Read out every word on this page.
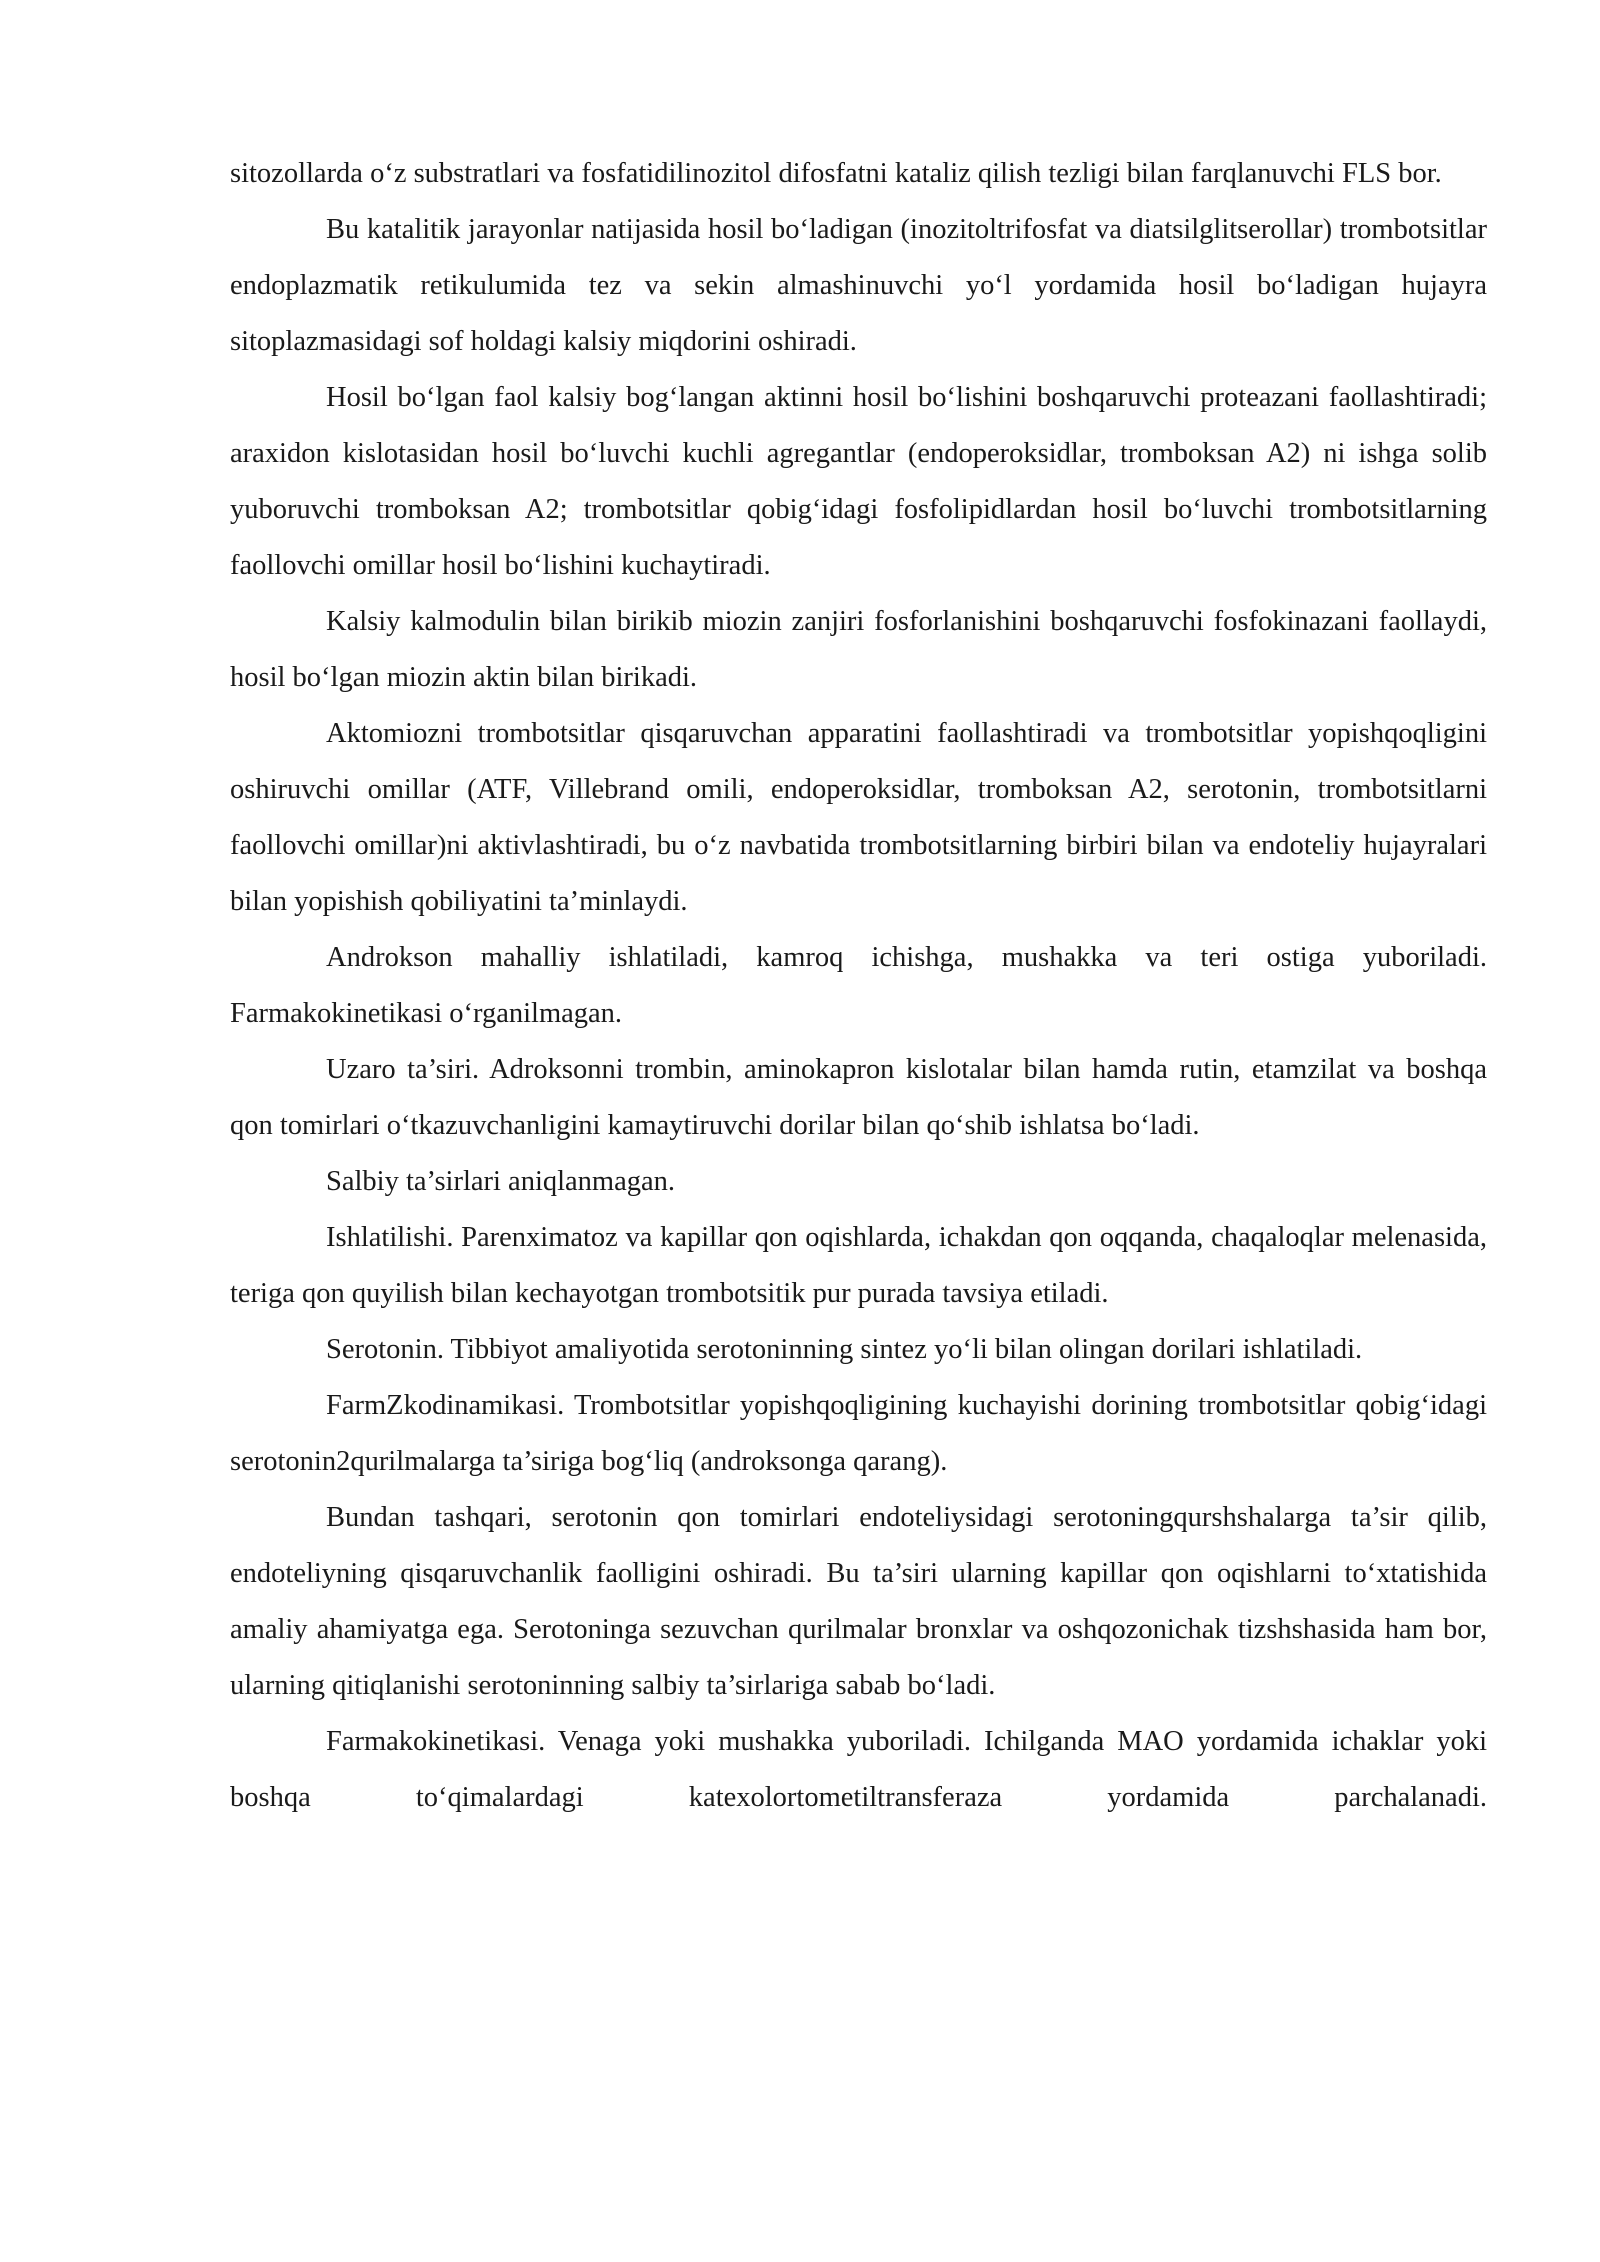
sitozollarda o‘z substratlari va fosfatidilinozitol difosfatni kataliz qilish tezligi bilan farqlanuvchi FLS bor.

Bu katalitik jarayonlar natijasida hosil bo‘ladigan (inozitoltrifosfat va diatsilglitserollar) trombotsitlar endoplazmatik retikulumida tez va sekin almashinuvchi yo‘l yordamida hosil bo‘ladigan hujayra sitoplazmasidagi sof holdagi kalsiy miqdorini oshiradi.

Hosil bo‘lgan faol kalsiy bog‘langan aktinni hosil bo‘lishini boshqaruvchi proteazani faollashtiradi; araxidon kislotasidan hosil bo‘luvchi kuchli agregantlar (endoperoksidlar, tromboksan A2) ni ishga solib yuboruvchi tromboksan A2; trombotsitlar qobig‘idagi fosfolipidlardan hosil bo‘luvchi trombotsitlarning faollovchi omillar hosil bo‘lishini kuchaytiradi.

Kalsiy kalmodulin bilan birikib miozin zanjiri fosforlanishini boshqaruvchi fosfokinazani faollaydi, hosil bo‘lgan miozin aktin bilan birikadi.

Aktomiozni trombotsitlar qisqaruvchan apparatini faollashtiradi va trombotsitlar yopishqoqligini oshiruvchi omillar (ATF, Villebrand omili, endoperoksidlar, tromboksan A2, serotonin, trombotsitlarni faollovchi omillar)ni aktivlashtiradi, bu o‘z navbatida trombotsitlarning birbiri bilan va endoteliy hujayralari bilan yopishish qobiliyatini ta’minlaydi.

Androkson mahalliy ishlatiladi, kamroq ichishga, mushakka va teri ostiga yuboriladi. Farmakokinetikasi o‘rganilmagan.

Uzaro ta’siri. Adroksonni trombin, aminokapron kislotalar bilan hamda rutin, etamzilat va boshqa qon tomirlari o‘tkazuvchanligini kamaytiruvchi dorilar bilan qo‘shib ishlatsa bo‘ladi.

Salbiy ta’sirlari aniqlanmagan.

Ishlatilishi. Parenximatoz va kapillar qon oqishlarda, ichakdan qon oqqanda, chaqaloqlar melenasida, teriga qon quyilish bilan kechayotgan trombotsitik pur purada tavsiya etiladi.

Serotonin. Tibbiyot amaliyotida serotoninning sintez yo‘li bilan olingan dorilari ishlatiladi.

FarmZkodinamikasi. Trombotsitlar yopishqoqligining kuchayishi dorining trombotsitlar qobig‘idagi serotonin2qurilmalarga ta’siriga bog‘liq (androksonga qarang).

Bundan tashqari, serotonin qon tomirlari endoteliysidagi serotoningqurshshalarga ta’sir qilib, endoteliyning qisqaruvchanlik faolligini oshiradi. Bu ta’siri ularning kapillar qon oqishlarni to‘xtatishida amaliy ahamiyatga ega. Serotoninga sezuvchan qurilmalar bronxlar va oshqozonichak tizshshasida ham bor, ularning qitiqlanishi serotoninning salbiy ta’sirlariga sabab bo‘ladi.

Farmakokinetikasi. Venaga yoki mushakka yuboriladi. Ichilganda MAO yordamida ichaklar yoki boshqa to‘qimalardagi katexolortometiltransferaza yordamida parchalanadi.
